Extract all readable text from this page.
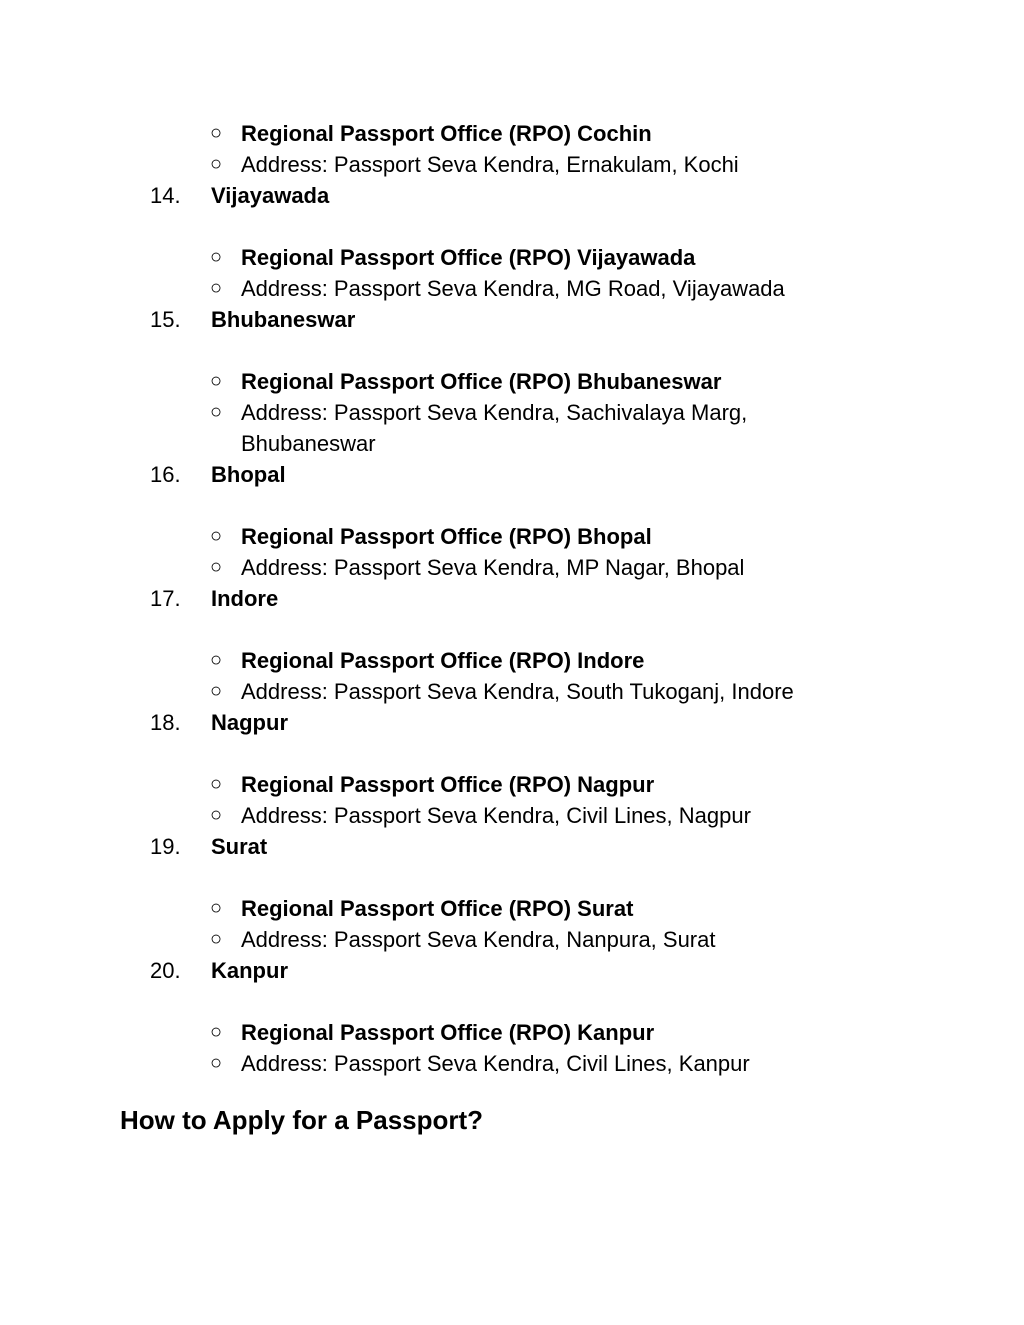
○ Regional Passport Office (RPO) Cochin
○ Address: Passport Seva Kendra, Ernakulam, Kochi
14. Vijayawada
○ Regional Passport Office (RPO) Vijayawada
○ Address: Passport Seva Kendra, MG Road, Vijayawada
15. Bhubaneswar
○ Regional Passport Office (RPO) Bhubaneswar
○ Address: Passport Seva Kendra, Sachivalaya Marg,
Bhubaneswar
16. Bhopal
○ Regional Passport Office (RPO) Bhopal
○ Address: Passport Seva Kendra, MP Nagar, Bhopal
17. Indore
○ Regional Passport Office (RPO) Indore
○ Address: Passport Seva Kendra, South Tukoganj, Indore
18. Nagpur
○ Regional Passport Office (RPO) Nagpur
○ Address: Passport Seva Kendra, Civil Lines, Nagpur
19. Surat
○ Regional Passport Office (RPO) Surat
○ Address: Passport Seva Kendra, Nanpura, Surat
20. Kanpur
○ Regional Passport Office (RPO) Kanpur
○ Address: Passport Seva Kendra, Civil Lines, Kanpur
How to Apply for a Passport?
